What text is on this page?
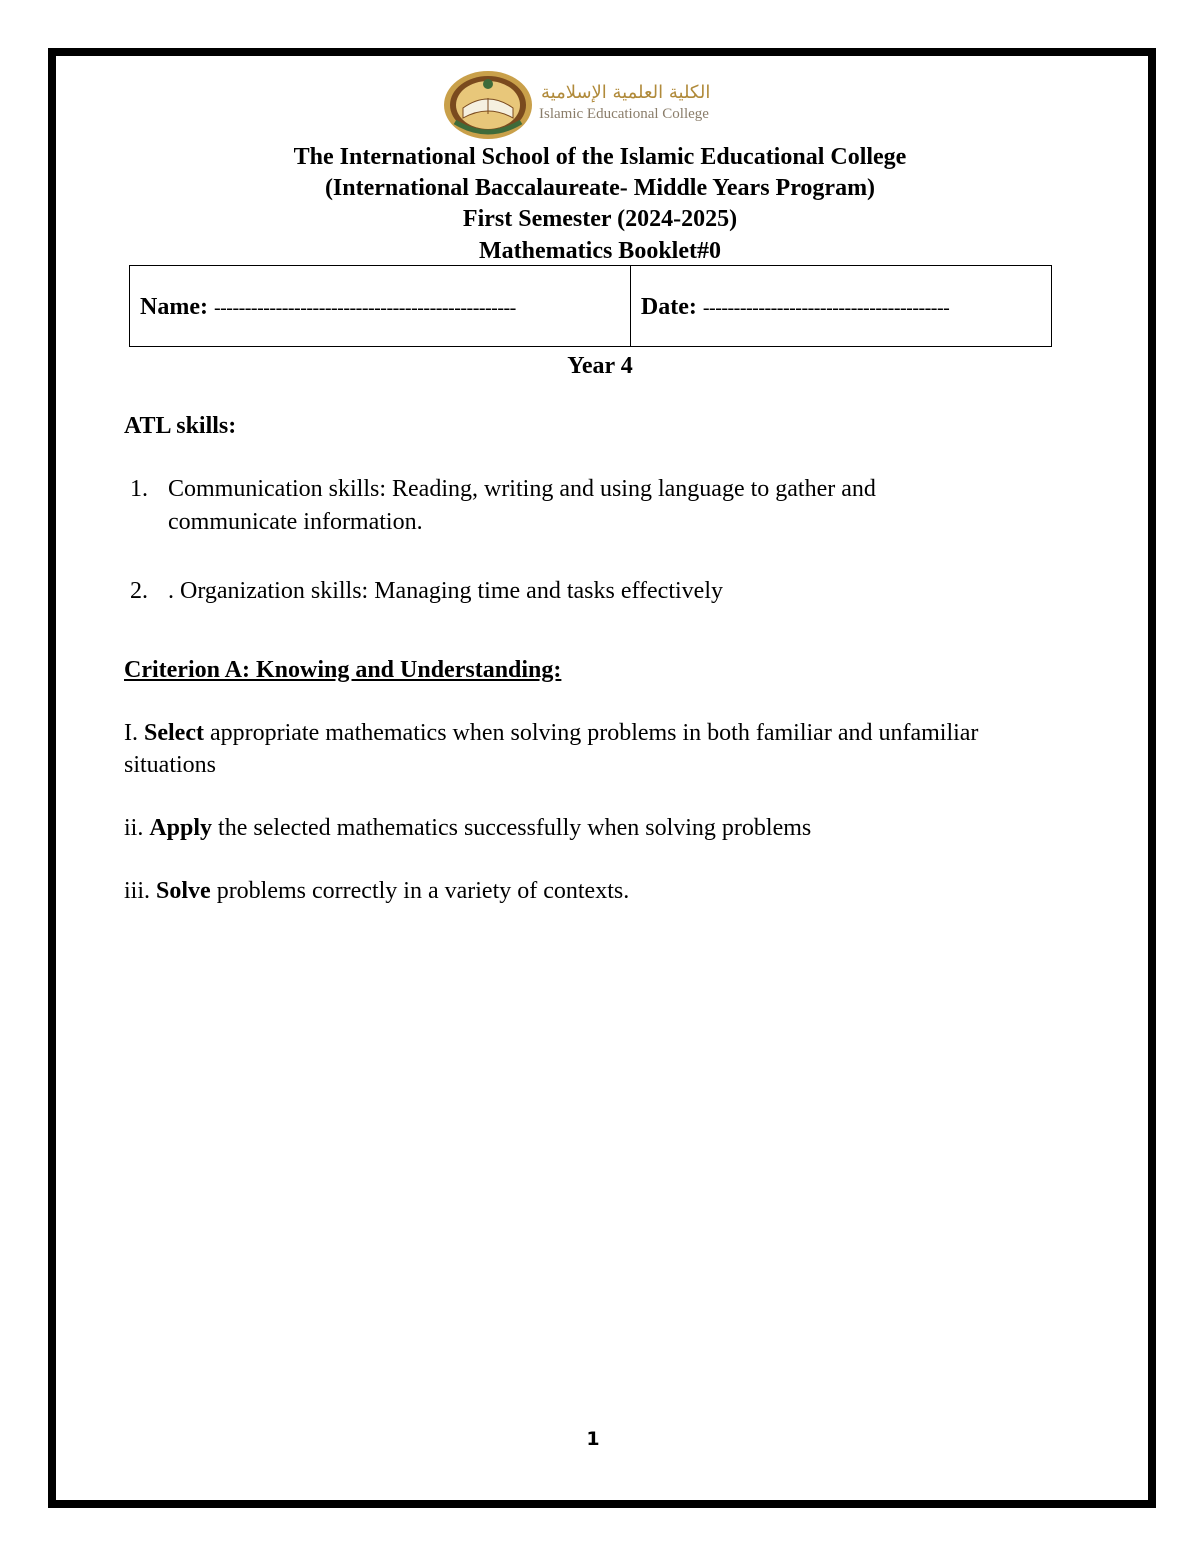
الكلية العلمية الإسلامية
Islamic Educational College
The International School of the Islamic Educational College
(International Baccalaureate- Middle Years Program)
First Semester (2024-2025)
Mathematics Booklet#0
Name: -------------------------------------------------	Date: ----------------------------------------
Year 4
ATL skills:
1. Communication skills: Reading, writing and using language to gather and communicate information.
2. . Organization skills: Managing time and tasks effectively
Criterion A: Knowing and Understanding:
I. Select appropriate mathematics when solving problems in both familiar and unfamiliar situations
ii. Apply the selected mathematics successfully when solving problems
iii. Solve problems correctly in a variety of contexts.
1
